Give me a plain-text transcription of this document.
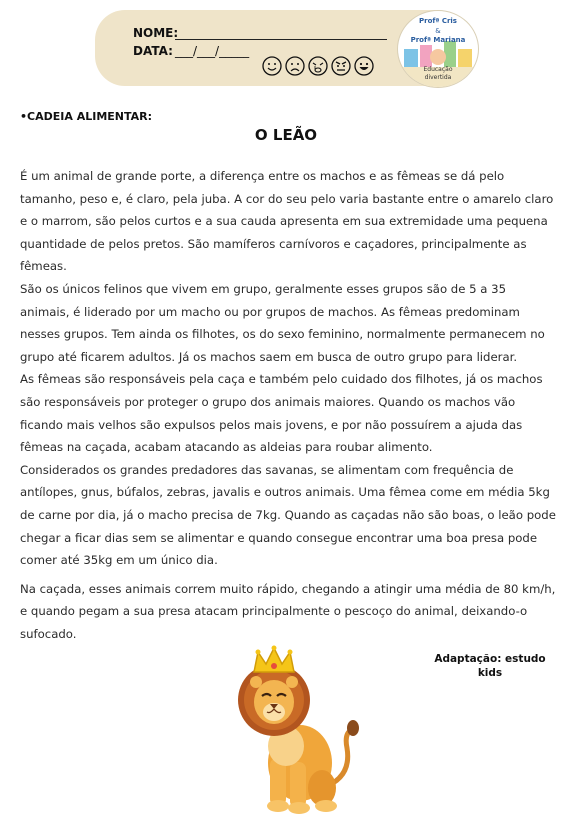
NOME:
DATA: ___/___/_____
Profª Cris
&
Profª Mariana
Educação
divertida
•CADEIA ALIMENTAR:
O LEÃO

É um animal de grande porte, a diferença entre os machos e as fêmeas se dá pelo tamanho, peso e, é claro, pela juba. A cor do seu pelo varia bastante entre o amarelo claro e o marrom, são pelos curtos e a sua cauda apresenta em sua extremidade uma pequena quantidade de pelos pretos. São mamíferos carnívoros e caçadores, principalmente as fêmeas.

São os únicos felinos que vivem em grupo, geralmente esses grupos são de 5 a 35 animais, é liderado por um macho ou por grupos de machos. As fêmeas predominam nesses grupos. Tem ainda os filhotes, os do sexo feminino, normalmente permanecem no grupo até ficarem adultos. Já os machos saem em busca de outro grupo para liderar.

As fêmeas são responsáveis pela caça e também pelo cuidado dos filhotes, já os machos são responsáveis por proteger o grupo dos animais maiores. Quando os machos vão ficando mais velhos são expulsos pelos mais jovens, e por não possuírem a ajuda das fêmeas na caçada, acabam atacando as aldeias para roubar alimento.

Considerados os grandes predadores das savanas, se alimentam com frequência de antílopes, gnus, búfalos, zebras, javalis e outros animais. Uma fêmea come em média 5kg de carne por dia, já o macho precisa de 7kg. Quando as caçadas não são boas, o leão pode chegar a ficar dias sem se alimentar e quando consegue encontrar uma boa presa pode comer até 35kg em um único dia.

Na caçada, esses animais correm muito rápido, chegando a atingir uma média de 80 km/h, e quando pegam a sua presa atacam principalmente o pescoço do animal, deixando-o sufocado.

Adaptação: estudo
kids
